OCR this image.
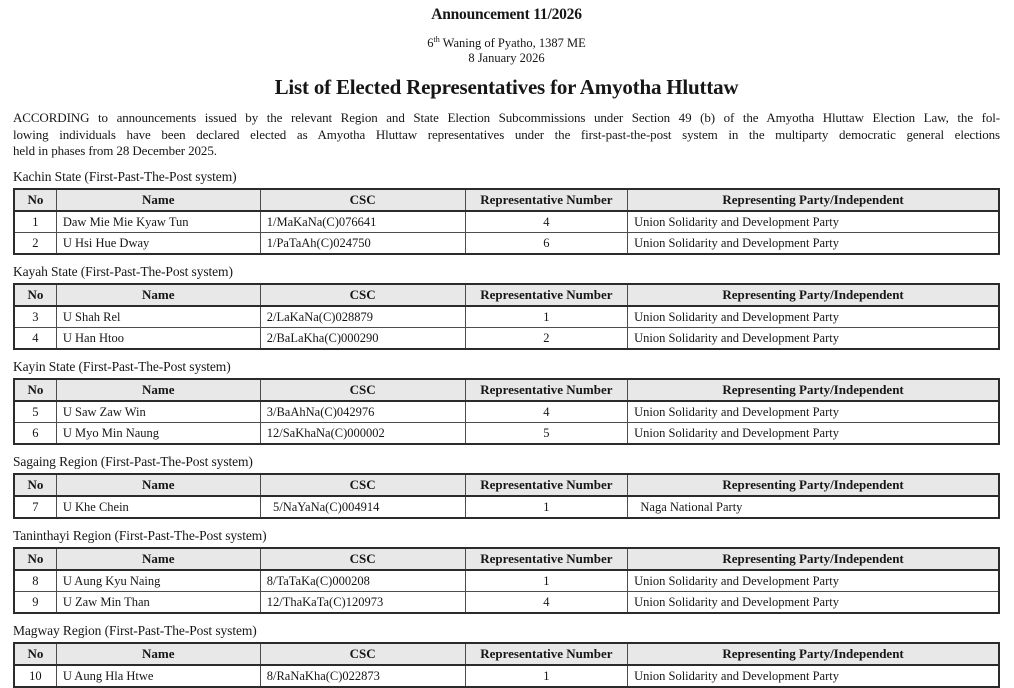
Announcement 11/2026
6th Waning of Pyatho, 1387 ME
8 January 2026
List of Elected Representatives for Amyotha Hluttaw
ACCORDING to announcements issued by the relevant Region and State Election Subcommissions under Section 49 (b) of the Amyotha Hluttaw Election Law, the fol-
lowing individuals have been declared elected as Amyotha Hluttaw representatives under the first-past-the-post system in the multiparty democratic general elections
held in phases from 28 December 2025.
Kachin State (First-Past-The-Post system)
No	Name	CSC	Representative Number	Representing Party/Independent
1	Daw Mie Mie Kyaw Tun	1/MaKaNa(C)076641	4	Union Solidarity and Development Party
2	U Hsi Hue Dway	1/PaTaAh(C)024750	6	Union Solidarity and Development Party
Kayah State (First-Past-The-Post system)
No	Name	CSC	Representative Number	Representing Party/Independent
3	U Shah Rel	2/LaKaNa(C)028879	1	Union Solidarity and Development Party
4	U Han Htoo	2/BaLaKha(C)000290	2	Union Solidarity and Development Party
Kayin State (First-Past-The-Post system)
No	Name	CSC	Representative Number	Representing Party/Independent
5	U Saw Zaw Win	3/BaAhNa(C)042976	4	Union Solidarity and Development Party
6	U Myo Min Naung	12/SaKhaNa(C)000002	5	Union Solidarity and Development Party
Sagaing Region (First-Past-The-Post system)
No	Name	CSC	Representative Number	Representing Party/Independent
7	U Khe Chein	5/NaYaNa(C)004914	1	Naga National Party
Taninthayi Region (First-Past-The-Post system)
No	Name	CSC	Representative Number	Representing Party/Independent
8	U Aung Kyu Naing	8/TaTaKa(C)000208	1	Union Solidarity and Development Party
9	U Zaw Min Than	12/ThaKaTa(C)120973	4	Union Solidarity and Development Party
Magway Region (First-Past-The-Post system)
No	Name	CSC	Representative Number	Representing Party/Independent
10	U Aung Hla Htwe	8/RaNaKha(C)022873	1	Union Solidarity and Development Party
